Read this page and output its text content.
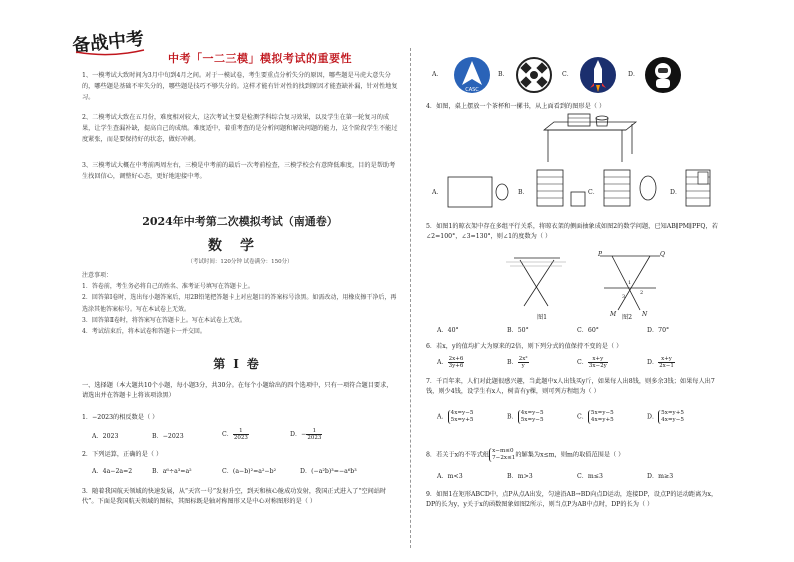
备战中考
中考「一二三模」模拟考试的重要性
1、一模考试大致时间为3月中旬到4月之间。对于一模试卷，考生要重点分析失分的原因，哪些题是马虎大意失分的，哪些题是基础不牢失分的，哪些题是技巧不够失分的。这样才能有针对性的找到原因才能查缺补漏，针对性地复习。
2、二模考试大致在五月份，难度相对较大，这次考试主要是检测学科综合复习效果，以及学生在第一轮复习的成果，让学生查漏补缺，提高自己的成绩。难度适中，着重考查的是分析问题和解决问题的能力，这个阶段学生不能过度紧张，而是要保持好的状态，做好冲刺。
3、三模考试大概在中考前两周左右，三模是中考前的最后一次考前检查，三模学校会有意降低难度，目的是帮助考生找回信心，调整好心态，更好地迎接中考。
2024年中考第二次模拟考试（南通卷）
数学
（考试时间：120分钟 试卷满分：150分）
注意事项：
1．答卷前，考生务必将自己的姓名、准考证号填写在答题卡上。
2．回答第Ⅰ卷时，选出每小题答案后，用2B铅笔把答题卡上对应题目的答案标号涂黑。如需改动，用橡皮擦干净后，再选涂其他答案标号。写在本试卷上无效。
3．回答第Ⅱ卷时，将答案写在答题卡上。写在本试卷上无效。
4．考试结束后，将本试卷和答题卡一并交回。
第Ⅰ卷
一、选择题（本大题共10个小题，每小题3分，共30分。在每个小题给出的四个选项中，只有一项符合题目要求，请选出并在答题卡上将该项涂黑）
1．−2023的相反数是（ ）
A．2023	B．−2023	C． $\frac{1}{2023}$	D．− $\frac{1}{2023}$
2．下列运算，正确的是（ ）
A．4a−2a=2	B．a⁶÷a³=a²	C．(a−b)²=a²−b²	D．(−a²b)³=−a⁶b³
3．随着我国航天领域的快速发展，从“天宫一号”发射升空，到天和核心舱成功发射，我国正式进入了“空间站时代”。下面是我国航天领域的图标，其图标既是轴对称图形又是中心对称图形的是（ ）
A．
CASC
B．	C．	D．
4．如图，桌上摆放一个茶杯和一摞书，从上面看到的图形是（ ）
A．	B．	C．	D．
5．如图1的晾衣架中存在多组平行关系，将晾衣架的侧面抽象成如图2的数学问题，已知AB∥PM∥PFQ，若∠2=100°，∠3=130°，则∠1的度数为（ ）
P	Q
M	N
1
2
3
图1	图2
A．40°	B．50°	C．60°	D．70°
6．若x，y的值均扩大为原来的2倍，则下列分式的值保持不变的是（ ）
A． $\frac{2x+6}{3y+6}$	B． $\frac{\text{2x²}}{y}$	C． $\frac{x+y}{3x-2y}$	D． $\frac{x+y}{2x-1}$
7．千百年来，人们对此题很感兴趣，当此题中x人出钱买y斤，如果每人出8钱，则多余3钱；如果每人出7钱，则少4钱，设学生有x人，树苗有y棵，则可列方程组为（ ）
A．
4x=y−5
5x=y+5	B．
4x=y−5
5x=y−5	C．
5x=y−5
4x=y+5	D．
5x=y+5
4x=y−5
8．若关于x的不等式组
x−m≤0
7−2x≤1 的解集为x≤m，则m的取值范围是（ ）
A．m<3	B．m>3	C．m≤3	D．m≥3
9．如图1在矩形ABCD中，点P从点A出发，匀速沿AB→BD向点D运动，连接DP，设点P的运动距离为x，DP的长为y，y关于x的函数图象如图2所示，则当点P为AB中点时，DP的长为（ ）
